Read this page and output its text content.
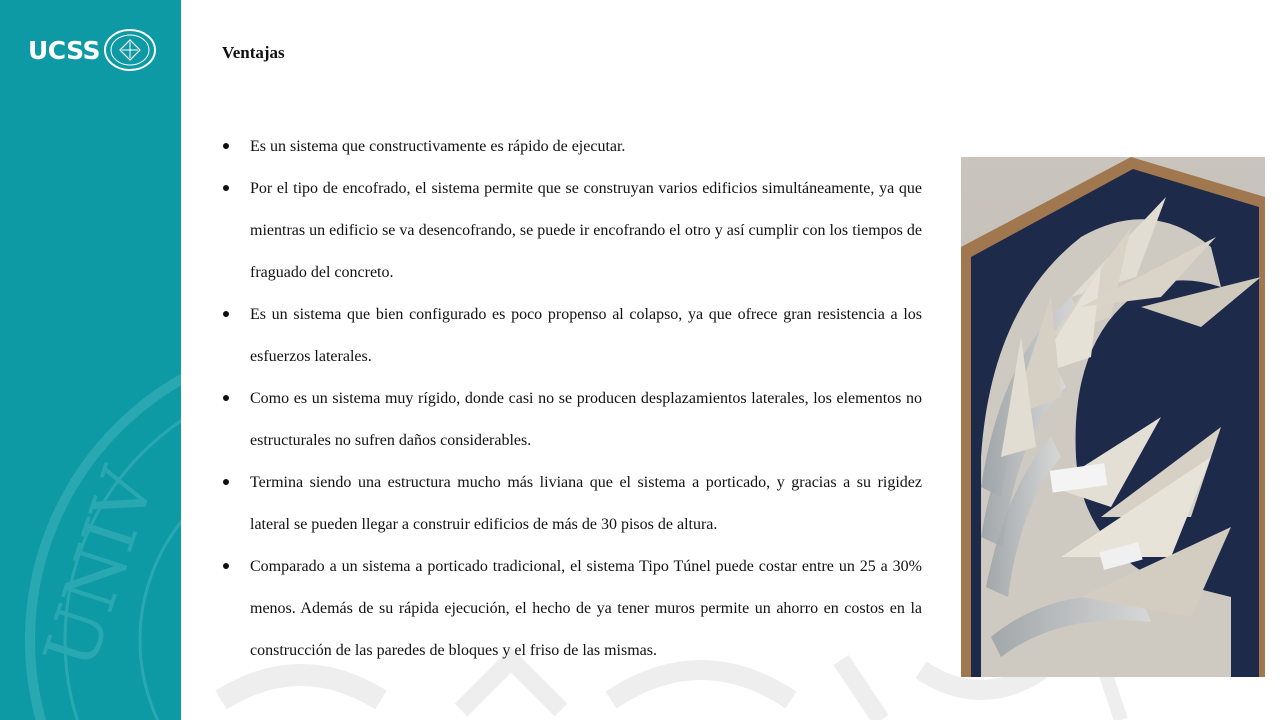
UNIV
UCSS	Ventajas
Es un sistema que constructivamente es rápido de ejecutar.
Por el tipo de encofrado, el sistema permite que se construyan varios edificios simultáneamente, ya que mientras un edificio se va desencofrando, se puede ir encofrando el otro y así cumplir con los tiempos de fraguado del concreto.
Es un sistema que bien configurado es poco propenso al colapso, ya que ofrece gran resistencia a los esfuerzos laterales.
Como es un sistema muy rígido, donde casi no se producen desplazamientos laterales, los elementos no estructurales no sufren daños considerables.
Termina siendo una estructura mucho más liviana que el sistema a porticado, y gracias a su rigidez lateral se pueden llegar a construir edificios de más de 30 pisos de altura.
Comparado a un sistema a porticado tradicional, el sistema Tipo Túnel puede costar entre un 25 a 30% menos. Además de su rápida ejecución, el hecho de ya tener muros permite un ahorro en costos en la construcción de las paredes de bloques y el friso de las mismas.
